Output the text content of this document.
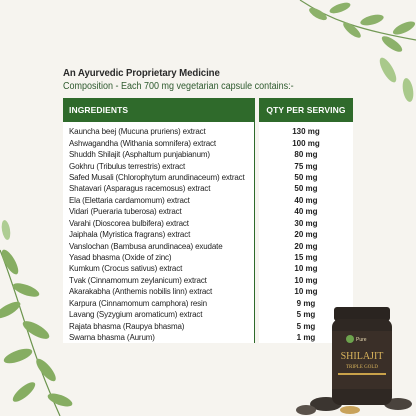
An Ayurvedic Proprietary Medicine
Composition - Each 700 mg vegetarian capsule contains:-
INGREDIENTS		QTY PER SERVING
Kauncha beej (Mucuna pruriens) extract		130 mg
Ashwagandha (Withania somnifera) extract		100 mg
Shuddh Shilajit (Asphaltum punjabianum)		80 mg
Gokhru (Tribulus terrestris) extract		75 mg
Safed Musali (Chlorophytum arundinaceum) extract		50 mg
Shatavari (Asparagus racemosus) extract		50 mg
Ela (Elettaria cardamomum) extract		40 mg
Vidari (Pueraria tuberosa) extract		40 mg
Varahi (Dioscorea bulbifera) extract		30 mg
Jaiphala (Myristica fragrans) extract		20 mg
Vanslochan (Bambusa arundinacea) exudate		20 mg
Yasad bhasma (Oxide of zinc)		15 mg
Kumkum (Crocus sativus) extract		10 mg
Tvak (Cinnamomum zeylanicum) extract		10 mg
Akarakabha (Anthemis nobilis linn) extract		10 mg
Karpura (Cinnamomum camphora) resin		9 mg
Lavang (Syzygium aromaticum) extract		5 mg
Rajata bhasma (Raupya bhasma)		5 mg
Swarna bhasma (Aurum)		1 mg	Pure
SHILAJIT
TRIPLE GOLD
